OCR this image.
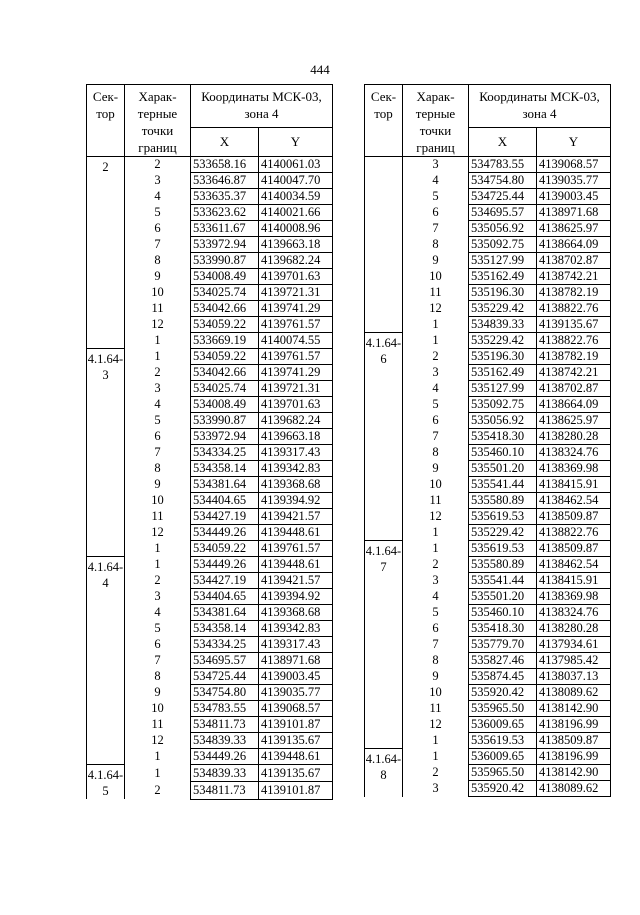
444
Сек-тор	Харак-терные точки границ	Координаты МСК-03, зона 4	
		X	Y
2	2	533658.16	4140061.03
	3	533646.87	4140047.70
	4	533635.37	4140034.59
	5	533623.62	4140021.66
	6	533611.67	4140008.96
	7	533972.94	4139663.18
	8	533990.87	4139682.24
	9	534008.49	4139701.63
	10	534025.74	4139721.31
	11	534042.66	4139741.29
	12	534059.22	4139761.57
	1	533669.19	4140074.55
4.1.64-3	1	534059.22	4139761.57
	2	534042.66	4139741.29
	3	534025.74	4139721.31
	4	534008.49	4139701.63
	5	533990.87	4139682.24
	6	533972.94	4139663.18
	7	534334.25	4139317.43
	8	534358.14	4139342.83
	9	534381.64	4139368.68
	10	534404.65	4139394.92
	11	534427.19	4139421.57
	12	534449.26	4139448.61
	1	534059.22	4139761.57
4.1.64-4	1	534449.26	4139448.61
	2	534427.19	4139421.57
	3	534404.65	4139394.92
	4	534381.64	4139368.68
	5	534358.14	4139342.83
	6	534334.25	4139317.43
	7	534695.57	4138971.68
	8	534725.44	4139003.45
	9	534754.80	4139035.77
	10	534783.55	4139068.57
	11	534811.73	4139101.87
	12	534839.33	4139135.67
	1	534449.26	4139448.61
4.1.64-5	1	534839.33	4139135.67
	2	534811.73	4139101.87
Сек-тор	Харак-терные точки границ	Координаты МСК-03, зона 4	
		X	Y
	3	534783.55	4139068.57
	4	534754.80	4139035.77
	5	534725.44	4139003.45
	6	534695.57	4138971.68
	7	535056.92	4138625.97
	8	535092.75	4138664.09
	9	535127.99	4138702.87
	10	535162.49	4138742.21
	11	535196.30	4138782.19
	12	535229.42	4138822.76
	1	534839.33	4139135.67
4.1.64-6	1	535229.42	4138822.76
	2	535196.30	4138782.19
	3	535162.49	4138742.21
	4	535127.99	4138702.87
	5	535092.75	4138664.09
	6	535056.92	4138625.97
	7	535418.30	4138280.28
	8	535460.10	4138324.76
	9	535501.20	4138369.98
	10	535541.44	4138415.91
	11	535580.89	4138462.54
	12	535619.53	4138509.87
	1	535229.42	4138822.76
4.1.64-7	1	535619.53	4138509.87
	2	535580.89	4138462.54
	3	535541.44	4138415.91
	4	535501.20	4138369.98
	5	535460.10	4138324.76
	6	535418.30	4138280.28
	7	535779.70	4137934.61
	8	535827.46	4137985.42
	9	535874.45	4138037.13
	10	535920.42	4138089.62
	11	535965.50	4138142.90
	12	536009.65	4138196.99
	1	535619.53	4138509.87
4.1.64-8	1	536009.65	4138196.99
	2	535965.50	4138142.90
	3	535920.42	4138089.62
